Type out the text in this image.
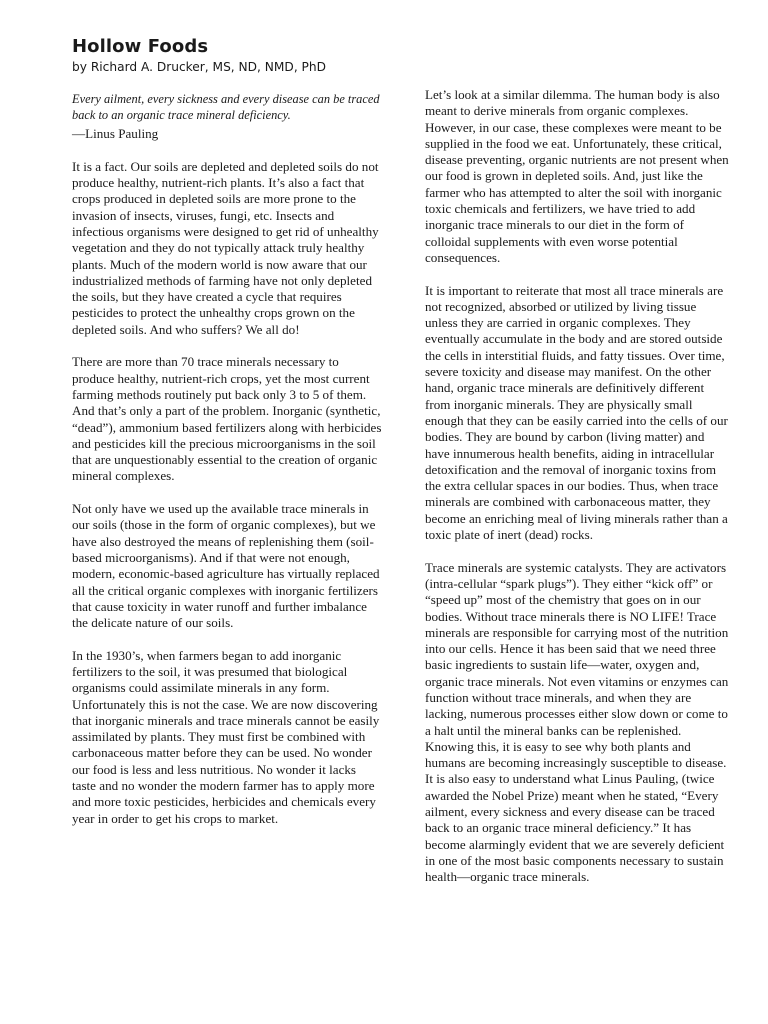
Hollow Foods

by Richard A. Drucker, MS, ND, NMD, PhD

Every ailment, every sickness and every disease can be traced back to an organic trace mineral deficiency.

—Linus Pauling

It is a fact. Our soils are depleted and depleted soils do not produce healthy, nutrient-rich plants. It’s also a fact that crops produced in depleted soils are more prone to the invasion of insects, viruses, fungi, etc. Insects and infectious organisms were designed to get rid of unhealthy vegetation and they do not typically attack truly healthy plants. Much of the modern world is now aware that our industrialized methods of farming have not only depleted the soils, but they have created a cycle that requires pesticides to protect the unhealthy crops grown on the depleted soils. And who suffers? We all do!

There are more than 70 trace minerals necessary to produce healthy, nutrient-rich crops, yet the most current farming methods routinely put back only 3 to 5 of them. And that’s only a part of the problem. Inorganic (synthetic, “dead”), ammonium based fertilizers along with herbicides and pesticides kill the precious microorganisms in the soil that are unquestionably essential to the creation of organic mineral complexes.

Not only have we used up the available trace minerals in our soils (those in the form of organic complexes), but we have also destroyed the means of replenishing them (soil-based microorganisms). And if that were not enough, modern, economic-based agriculture has virtually replaced all the critical organic complexes with inorganic fertilizers that cause toxicity in water runoff and further imbalance the delicate nature of our soils.

In the 1930’s, when farmers began to add inorganic fertilizers to the soil, it was presumed that biological organisms could assimilate minerals in any form. Unfortunately this is not the case. We are now discovering that inorganic minerals and trace minerals cannot be easily assimilated by plants. They must first be combined with carbonaceous matter before they can be used. No wonder our food is less and less nutritious. No wonder it lacks taste and no wonder the modern farmer has to apply more and more toxic pesticides, herbicides and chemicals every year in order to get his crops to market.

Let’s look at a similar dilemma. The human body is also meant to derive minerals from organic complexes. However, in our case, these complexes were meant to be supplied in the food we eat. Unfortunately, these critical, disease preventing, organic nutrients are not present when our food is grown in depleted soils. And, just like the farmer who has attempted to alter the soil with inorganic toxic chemicals and fertilizers, we have tried to add inorganic trace minerals to our diet in the form of colloidal supplements with even worse potential consequences.

It is important to reiterate that most all trace minerals are not recognized, absorbed or utilized by living tissue unless they are carried in organic complexes. They eventually accumulate in the body and are stored outside the cells in interstitial fluids, and fatty tissues. Over time, severe toxicity and disease may manifest. On the other hand, organic trace minerals are definitively different from inorganic minerals. They are physically small enough that they can be easily carried into the cells of our bodies. They are bound by carbon (living matter) and have innumerous health benefits, aiding in intracellular detoxification and the removal of inorganic toxins from the extra cellular spaces in our bodies. Thus, when trace minerals are combined with carbonaceous matter, they become an enriching meal of living minerals rather than a toxic plate of inert (dead) rocks.

Trace minerals are systemic catalysts. They are activators (intra-cellular “spark plugs”). They either “kick off” or “speed up” most of the chemistry that goes on in our bodies. Without trace minerals there is NO LIFE! Trace minerals are responsible for carrying most of the nutrition into our cells. Hence it has been said that we need three basic ingredients to sustain life—water, oxygen and, organic trace minerals. Not even vitamins or enzymes can function without trace minerals, and when they are lacking, numerous processes either slow down or come to a halt until the mineral banks can be replenished. Knowing this, it is easy to see why both plants and humans are becoming increasingly susceptible to disease. It is also easy to understand what Linus Pauling, (twice awarded the Nobel Prize) meant when he stated, “Every ailment, every sickness and every disease can be traced back to an organic trace mineral deficiency.” It has become alarmingly evident that we are severely deficient in one of the most basic components necessary to sustain health—organic trace minerals.
